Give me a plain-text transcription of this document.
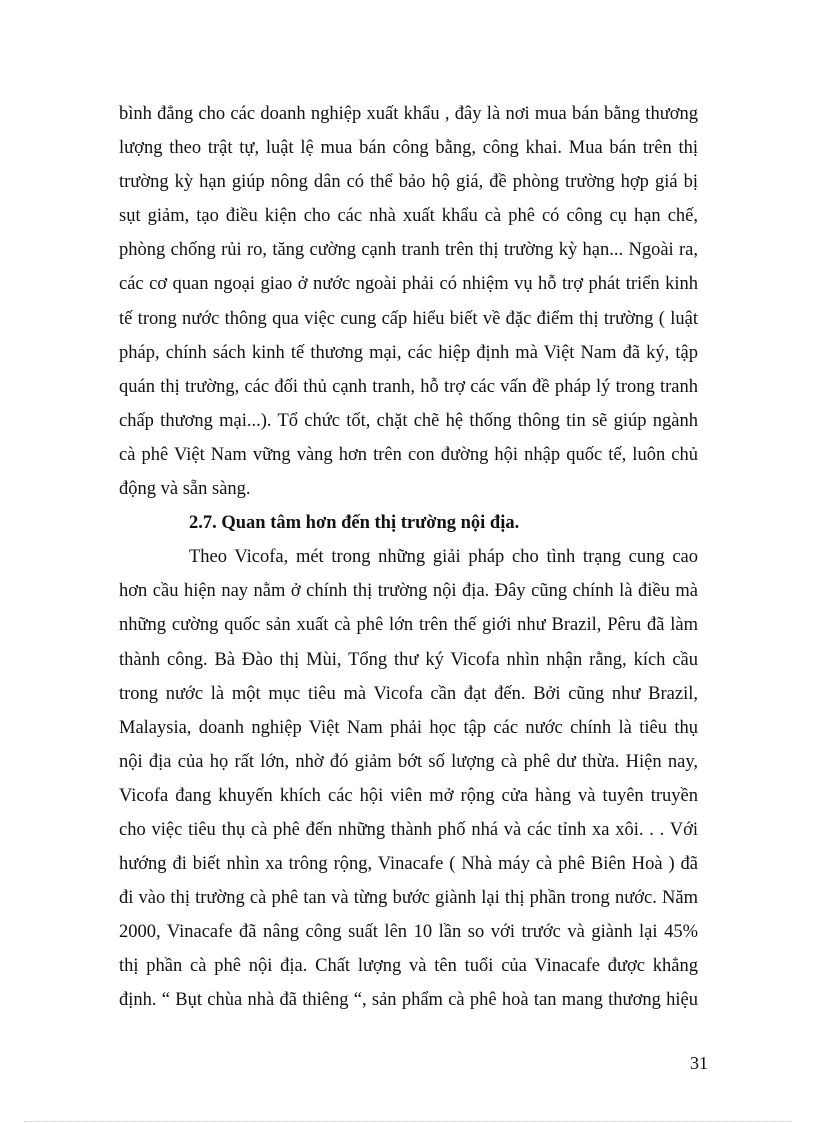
bình đẳng cho các doanh nghiệp xuất khẩu , đây là nơi mua bán bằng thương
lượng theo trật tự, luật lệ mua bán công bằng, công khai. Mua bán trên thị
trường kỳ hạn giúp nông dân có thể bảo hộ giá, đề phòng trường hợp giá bị
sụt giảm, tạo điều kiện cho các nhà xuất khẩu cà phê có công cụ hạn chế,
phòng chống rủi ro, tăng cường cạnh tranh trên thị trường kỳ hạn... Ngoài ra,
các cơ quan ngoại giao ở nước ngoài phải có nhiệm vụ hỗ trợ phát triển kinh
tế trong nước thông qua việc cung cấp hiểu biết về đặc điểm thị trường ( luật
pháp, chính sách kinh tế thương mại, các hiệp định mà Việt Nam đã ký, tập
quán thị trường, các đối thủ cạnh tranh, hỗ trợ các vấn đề pháp lý trong tranh
chấp thương mại...). Tổ chức tốt, chặt chẽ hệ thống thông tin sẽ giúp ngành
cà phê Việt Nam vững vàng hơn trên con đường hội nhập quốc tế, luôn chủ
động và sẵn sàng.
2.7. Quan tâm hơn đến thị trường nội địa.
Theo Vicofa, mét trong những giải pháp cho tình trạng cung cao
hơn cầu hiện nay nằm ở chính thị trường nội địa. Đây cũng chính là điều mà
những cường quốc sản xuất cà phê lớn trên thế giới như Brazil, Pêru đã làm
thành công. Bà Đào thị Mùi, Tổng thư ký Vicofa nhìn nhận rằng, kích cầu
trong nước là một mục tiêu mà Vicofa cần đạt đến. Bởi cũng như Brazil,
Malaysia, doanh nghiệp Việt Nam phải học tập các nước chính là tiêu thụ
nội địa của họ rất lớn, nhờ đó giảm bớt số lượng cà phê dư thừa. Hiện nay,
Vicofa đang khuyến khích các hội viên mở rộng cửa hàng và tuyên truyền
cho việc tiêu thụ cà phê đến những thành phố nhá và các tỉnh xa xôi. . . Với
hướng đi biết nhìn xa trông rộng, Vinacafe ( Nhà máy cà phê Biên Hoà ) đã
đi vào thị trường cà phê tan và từng bước giành lại thị phần trong nước. Năm
2000, Vinacafe đã nâng công suất lên 10 lần so với trước và giành lại 45%
thị phần cà phê nội địa. Chất lượng và tên tuổi của Vinacafe được khẳng
định. “ Bụt chùa nhà đã thiêng “, sản phẩm cà phê hoà tan mang thương hiệu
31
